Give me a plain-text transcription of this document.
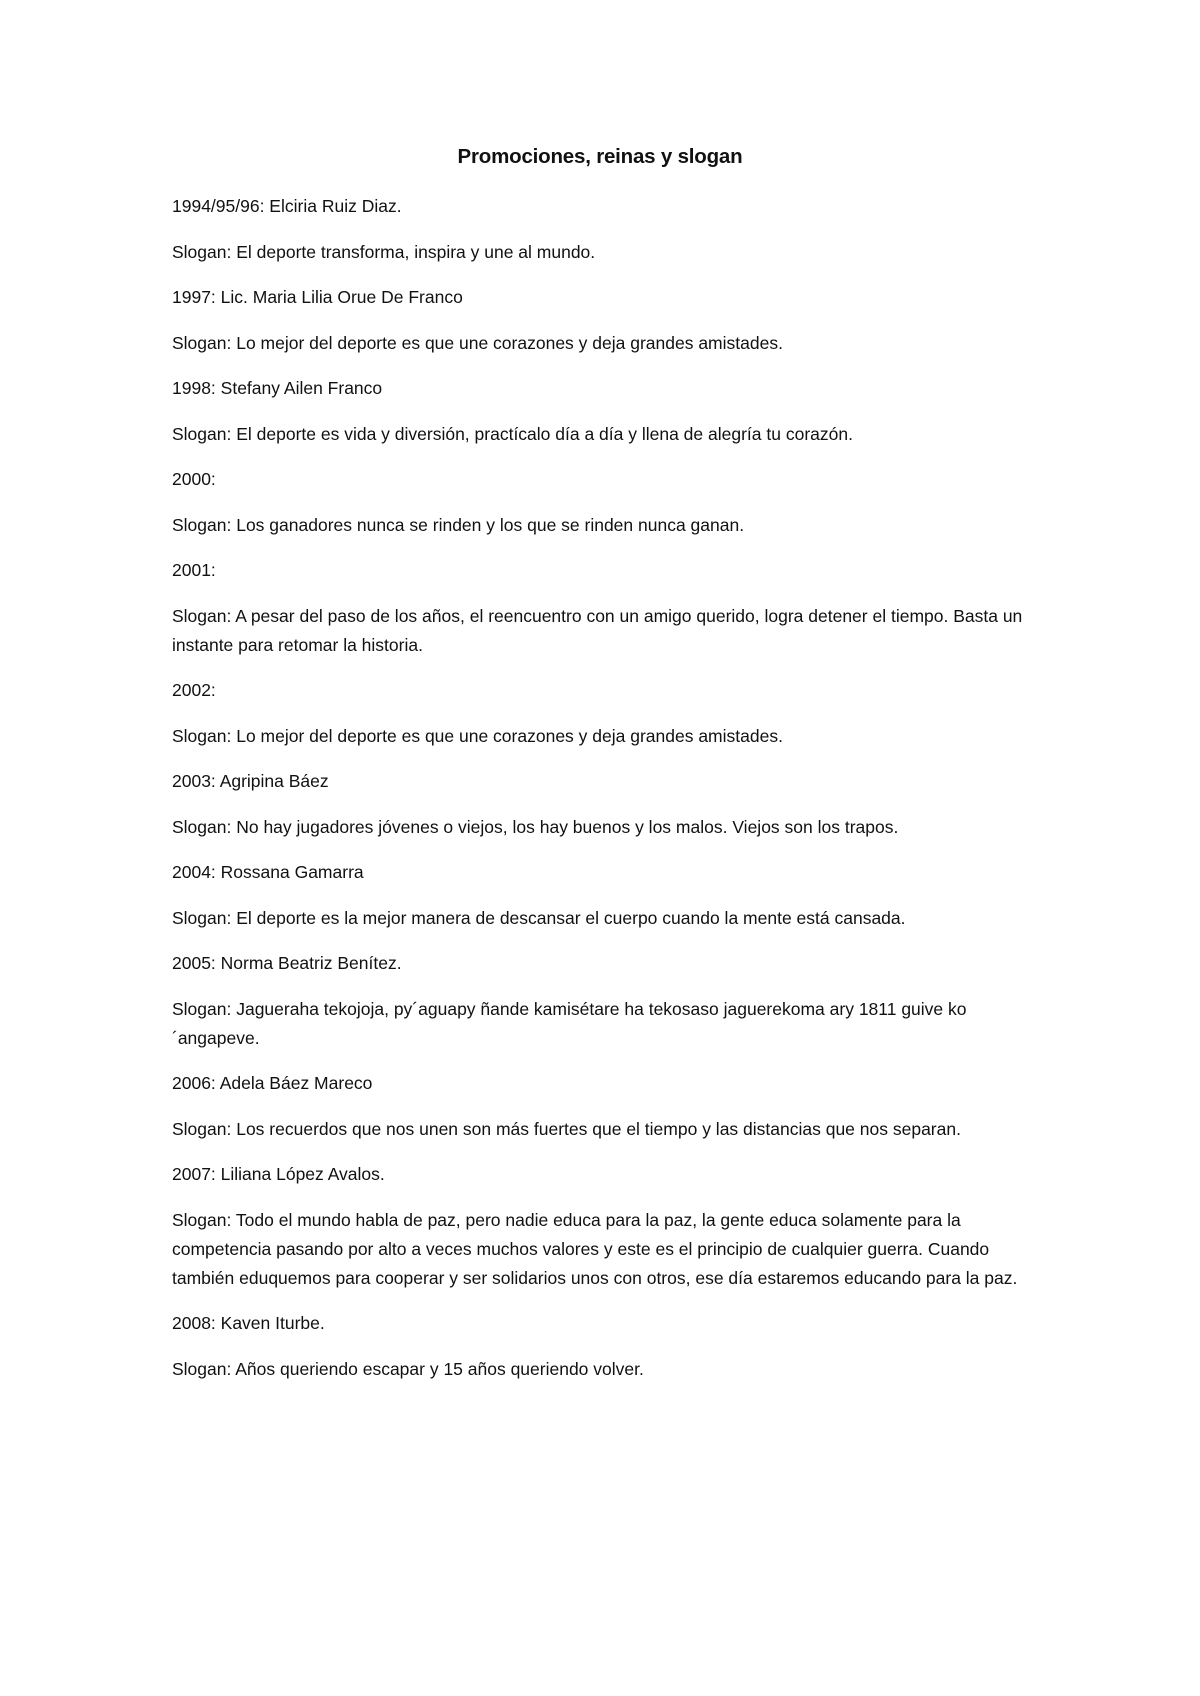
Promociones, reinas y slogan

1994/95/96: Elciria Ruiz Diaz.

Slogan: El deporte transforma, inspira y une al mundo.

1997: Lic. Maria Lilia Orue De Franco

Slogan: Lo mejor del deporte es que une corazones y deja grandes amistades.

1998: Stefany Ailen Franco

Slogan: El deporte es vida y diversión, practícalo día a día y llena de alegría tu corazón.

2000:

Slogan: Los ganadores nunca se rinden y los que se rinden nunca ganan.

2001:

Slogan: A pesar del paso de los años, el reencuentro con un amigo querido, logra detener el tiempo. Basta un instante para retomar la historia.

2002:

Slogan: Lo mejor del deporte es que une corazones y deja grandes amistades.

2003: Agripina Báez

Slogan: No hay jugadores jóvenes o viejos, los hay buenos y los malos. Viejos son los trapos.

2004: Rossana Gamarra

Slogan: El deporte es la mejor manera de descansar el cuerpo cuando la mente está cansada.

2005: Norma Beatriz Benítez.

Slogan: Jagueraha tekojoja, py´aguapy ñande kamisétare ha tekosaso jaguerekoma ary 1811 guive ko´angapeve.

2006: Adela Báez Mareco

Slogan: Los recuerdos que nos unen son más fuertes que el tiempo y las distancias que nos separan.

2007: Liliana López Avalos.

Slogan: Todo el mundo habla de paz, pero nadie educa para la paz, la gente educa solamente para la competencia pasando por alto a veces muchos valores y este es el principio de cualquier guerra. Cuando también eduquemos para cooperar y ser solidarios unos con otros, ese día estaremos educando para la paz.

2008: Kaven Iturbe.

Slogan: Años queriendo escapar y 15 años queriendo volver.
